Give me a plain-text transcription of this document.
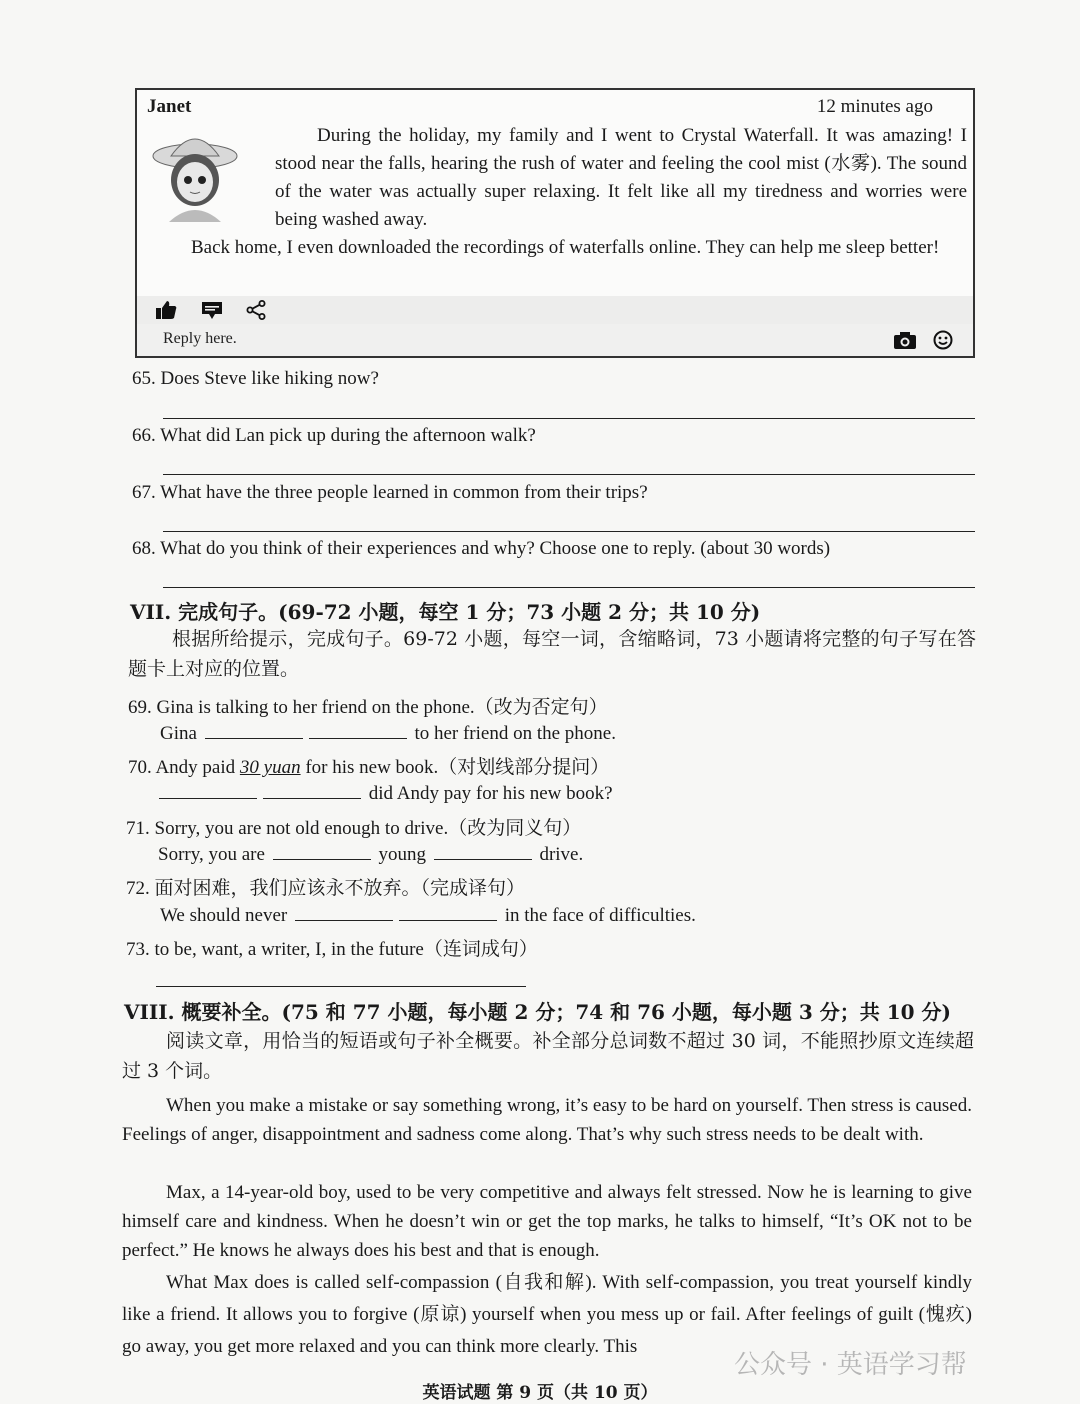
Janet	12 minutes ago
During the holiday, my family and I went to Crystal Waterfall. It was amazing! I stood near the falls, hearing the rush of water and feeling the cool mist (水雾). The sound of the water was actually super relaxing. It felt like all my tiredness and worries were being washed away.
Back home, I even downloaded the recordings of waterfalls online. They can help me sleep better!
Reply here.
65. Does Steve like hiking now?
66. What did Lan pick up during the afternoon walk?
67. What have the three people learned in common from their trips?
68. What do you think of their experiences and why? Choose one to reply. (about 30 words)
VII. 完成句子。(69-72 小题，每空 1 分；73 小题 2 分；共 10 分)
根据所给提示，完成句子。69-72 小题，每空一词，含缩略词，73 小题请将完整的句子写在答题卡上对应的位置。
69. Gina is talking to her friend on the phone.（改为否定句）
Gina	to her friend on the phone.
70. Andy paid 30 yuan for his new book.（对划线部分提问）
did Andy pay for his new book?
71. Sorry, you are not old enough to drive.（改为同义句）
Sorry, you are	young	drive.
72. 面对困难，我们应该永不放弃。（完成译句）
We should never	in the face of difficulties.
73. to be, want, a writer, I, in the future（连词成句）
VIII. 概要补全。(75 和 77 小题，每小题 2 分；74 和 76 小题，每小题 3 分；共 10 分)
阅读文章，用恰当的短语或句子补全概要。补全部分总词数不超过 30 词，不能照抄原文连续超过 3 个词。
When you make a mistake or say something wrong, it’s easy to be hard on yourself. Then stress is caused. Feelings of anger, disappointment and sadness come along. That’s why such stress needs to be dealt with.
Max, a 14-year-old boy, used to be very competitive and always felt stressed. Now he is learning to give himself care and kindness. When he doesn’t win or get the top marks, he talks to himself, “It’s OK not to be perfect.” He knows he always does his best and that is enough.
What Max does is called self-compassion (自我和解). With self-compassion, you treat yourself kindly like a friend. It allows you to forgive (原谅) yourself when you mess up or fail. After feelings of guilt (愧疚) go away, you get more relaxed and you can think more clearly. This
公众号 · 英语学习帮
英语试题 第 9 页（共 10 页）
